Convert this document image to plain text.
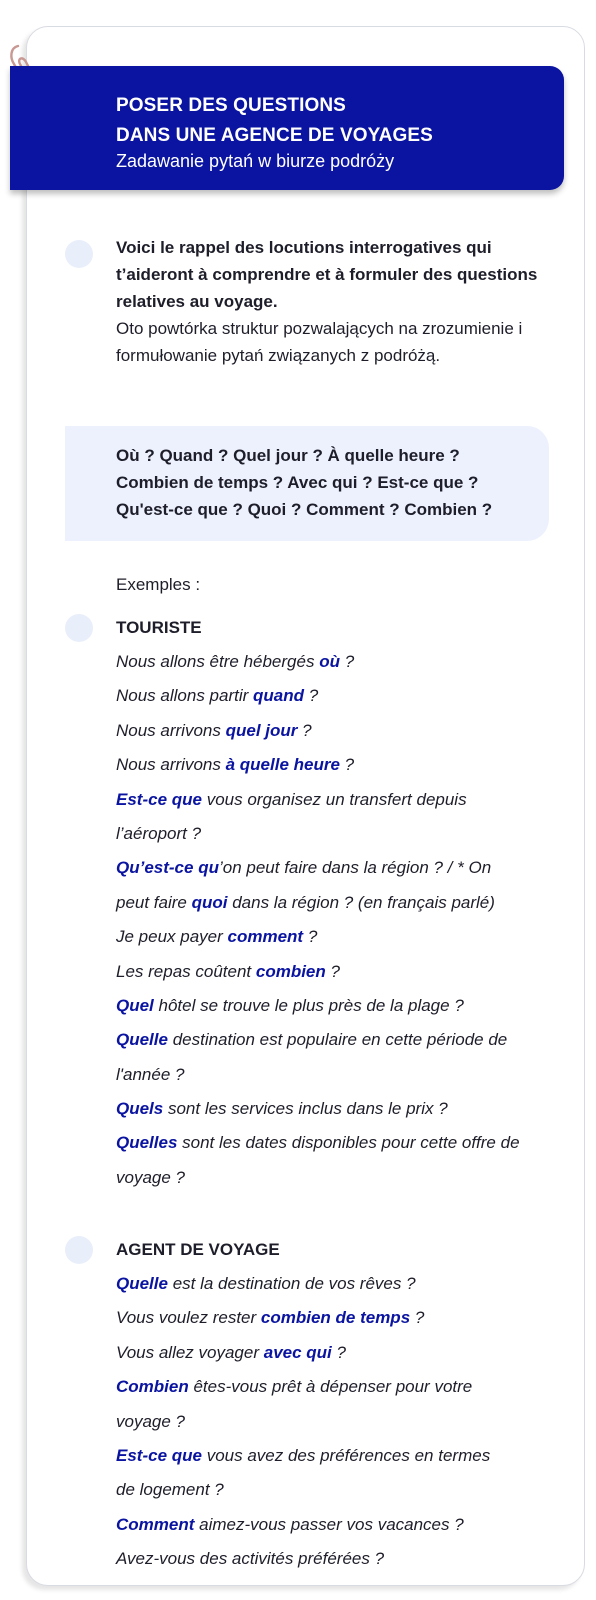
POSER DES QUESTIONS
DANS UNE AGENCE DE VOYAGES
Zadawanie pytań w biurze podróży
Voici le rappel des locutions interrogatives qui t’aideront à comprendre et à formuler des questions relatives au voyage.
Oto powtórka struktur pozwalających na zrozumienie i formułowanie pytań związanych z podróżą.
Où ? Quand ? Quel jour ? À quelle heure ?
Combien de temps ? Avec qui ? Est-ce que ?
Qu'est-ce que ? Quoi ? Comment ? Combien ?
Exemples :
TOURISTE
Nous allons être hébergés où ?
Nous allons partir quand ?
Nous arrivons quel jour ?
Nous arrivons à quelle heure ?
Est-ce que vous organisez un transfert depuis
l’aéroport ?
Qu’est-ce qu’on peut faire dans la région ? / * On
peut faire quoi dans la région ? (en français parlé)
Je peux payer comment ?
Les repas coûtent combien ?
Quel hôtel se trouve le plus près de la plage ?
Quelle destination est populaire en cette période de
l'année ?
Quels sont les services inclus dans le prix ?
Quelles sont les dates disponibles pour cette offre de
voyage ?
AGENT DE VOYAGE
Quelle est la destination de vos rêves ?
Vous voulez rester combien de temps ?
Vous allez voyager avec qui ?
Combien êtes-vous prêt à dépenser pour votre
voyage ?
Est-ce que vous avez des préférences en termes
de logement ?
Comment aimez-vous passer vos vacances ?
Avez-vous des activités préférées ?
